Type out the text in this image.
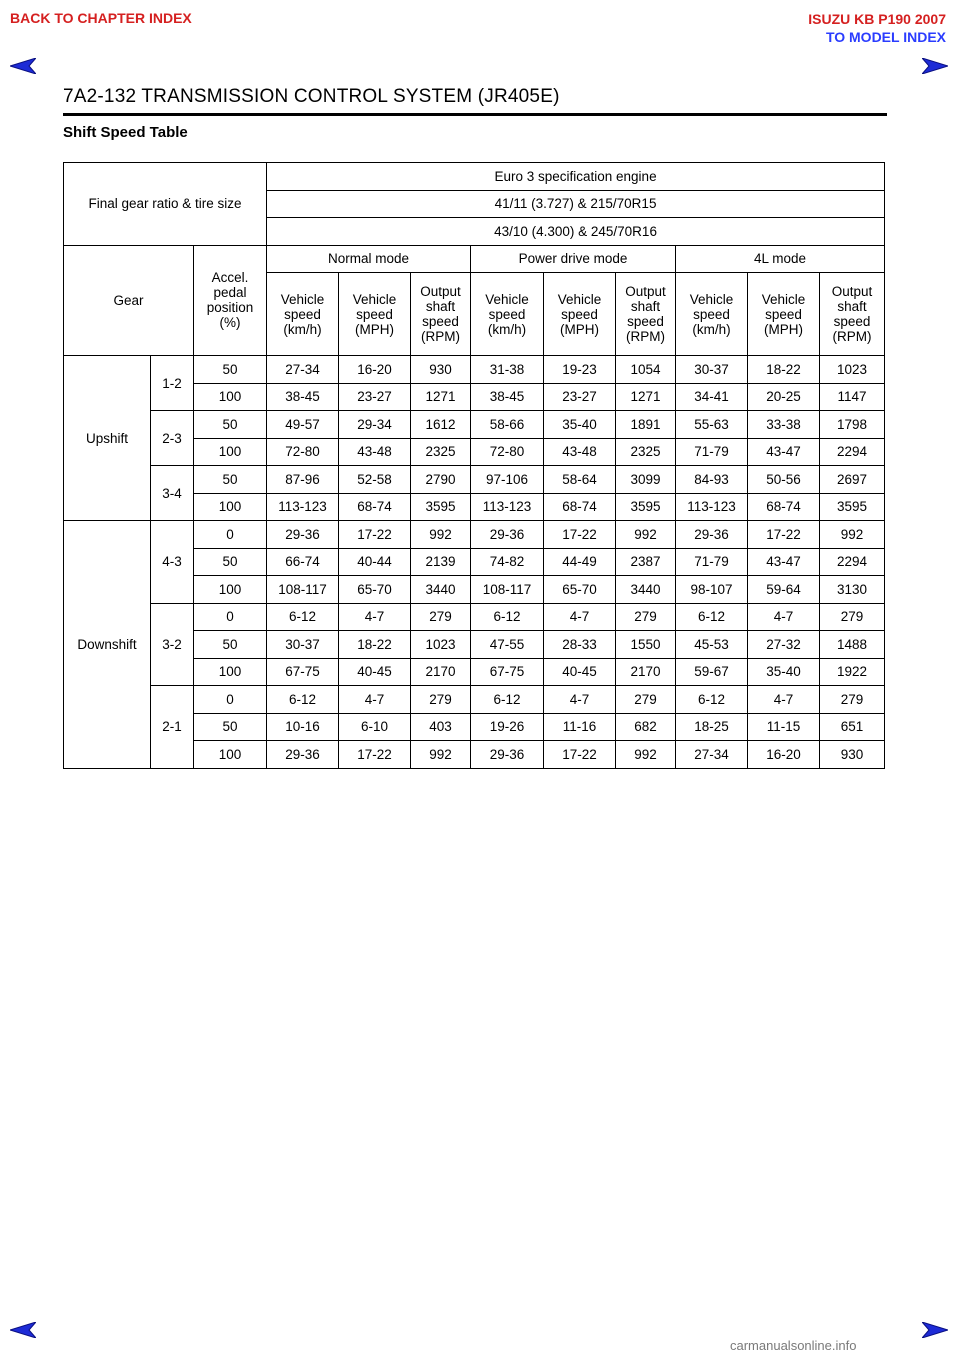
BACK TO CHAPTER INDEX	ISUZU KB P190 2007
TO MODEL INDEX
7A2-132 TRANSMISSION CONTROL SYSTEM (JR405E)
Shift Speed Table
Final gear ratio & tire size			Euro 3 specification engine								
			41/11 (3.727) & 215/70R15								
			43/10 (4.300) & 245/70R16								
Gear		Accel. pedal position (%)	Normal mode			Power drive mode			4L mode		
			Vehicle speed (km/h)	Vehicle speed (MPH)	Output shaft speed (RPM)	Vehicle speed (km/h)	Vehicle speed (MPH)	Output shaft speed (RPM)	Vehicle speed (km/h)	Vehicle speed (MPH)	Output shaft speed (RPM)
Upshift	1-2	50	27-34	16-20	930	31-38	19-23	1054	30-37	18-22	1023
		100	38-45	23-27	1271	38-45	23-27	1271	34-41	20-25	1147
	2-3	50	49-57	29-34	1612	58-66	35-40	1891	55-63	33-38	1798
		100	72-80	43-48	2325	72-80	43-48	2325	71-79	43-47	2294
	3-4	50	87-96	52-58	2790	97-106	58-64	3099	84-93	50-56	2697
		100	113-123	68-74	3595	113-123	68-74	3595	113-123	68-74	3595
Downshift	4-3	0	29-36	17-22	992	29-36	17-22	992	29-36	17-22	992
		50	66-74	40-44	2139	74-82	44-49	2387	71-79	43-47	2294
		100	108-117	65-70	3440	108-117	65-70	3440	98-107	59-64	3130
	3-2	0	6-12	4-7	279	6-12	4-7	279	6-12	4-7	279
		50	30-37	18-22	1023	47-55	28-33	1550	45-53	27-32	1488
		100	67-75	40-45	2170	67-75	40-45	2170	59-67	35-40	1922
	2-1	0	6-12	4-7	279	6-12	4-7	279	6-12	4-7	279
		50	10-16	6-10	403	19-26	11-16	682	18-25	11-15	651
		100	29-36	17-22	992	29-36	17-22	992	27-34	16-20	930
carmanualsonline.info
